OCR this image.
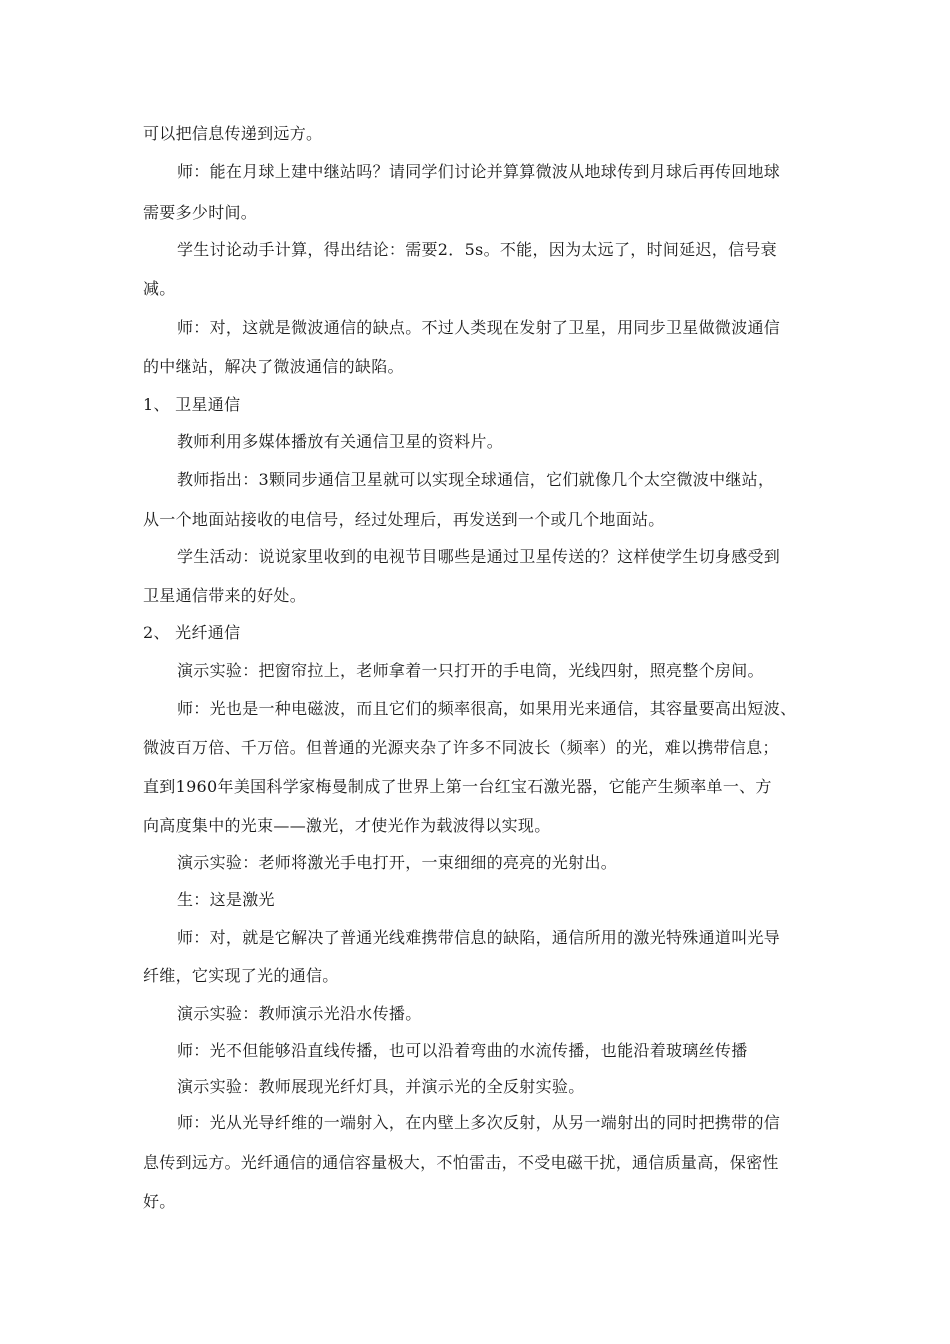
可以把信息传递到远方。
师：能在月球上建中继站吗？请同学们讨论并算算微波从地球传到月球后再传回地球
需要多少时间。
学生讨论动手计算，得出结论：需要2．5s。不能，因为太远了，时间延迟，信号衰
减。
师：对，这就是微波通信的缺点。不过人类现在发射了卫星，用同步卫星做微波通信
的中继站，解决了微波通信的缺陷。
1、 卫星通信
教师利用多媒体播放有关通信卫星的资料片。
教师指出：3颗同步通信卫星就可以实现全球通信，它们就像几个太空微波中继站，
从一个地面站接收的电信号，经过处理后，再发送到一个或几个地面站。
学生活动：说说家里收到的电视节目哪些是通过卫星传送的？这样使学生切身感受到
卫星通信带来的好处。
2、 光纤通信
演示实验：把窗帘拉上，老师拿着一只打开的手电筒，光线四射，照亮整个房间。
师：光也是一种电磁波，而且它们的频率很高，如果用光来通信，其容量要高出短波、
微波百万倍、千万倍。但普通的光源夹杂了许多不同波长（频率）的光，难以携带信息；
直到1960年美国科学家梅曼制成了世界上第一台红宝石激光器，它能产生频率单一、方
向高度集中的光束——激光，才使光作为载波得以实现。
演示实验：老师将激光手电打开，一束细细的亮亮的光射出。
生：这是激光
师：对，就是它解决了普通光线难携带信息的缺陷，通信所用的激光特殊通道叫光导
纤维，它实现了光的通信。
演示实验：教师演示光沿水传播。
师：光不但能够沿直线传播，也可以沿着弯曲的水流传播，也能沿着玻璃丝传播
演示实验：教师展现光纤灯具，并演示光的全反射实验。
师：光从光导纤维的一端射入，在内壁上多次反射，从另一端射出的同时把携带的信
息传到远方。光纤通信的通信容量极大，不怕雷击，不受电磁干扰，通信质量高，保密性
好。
